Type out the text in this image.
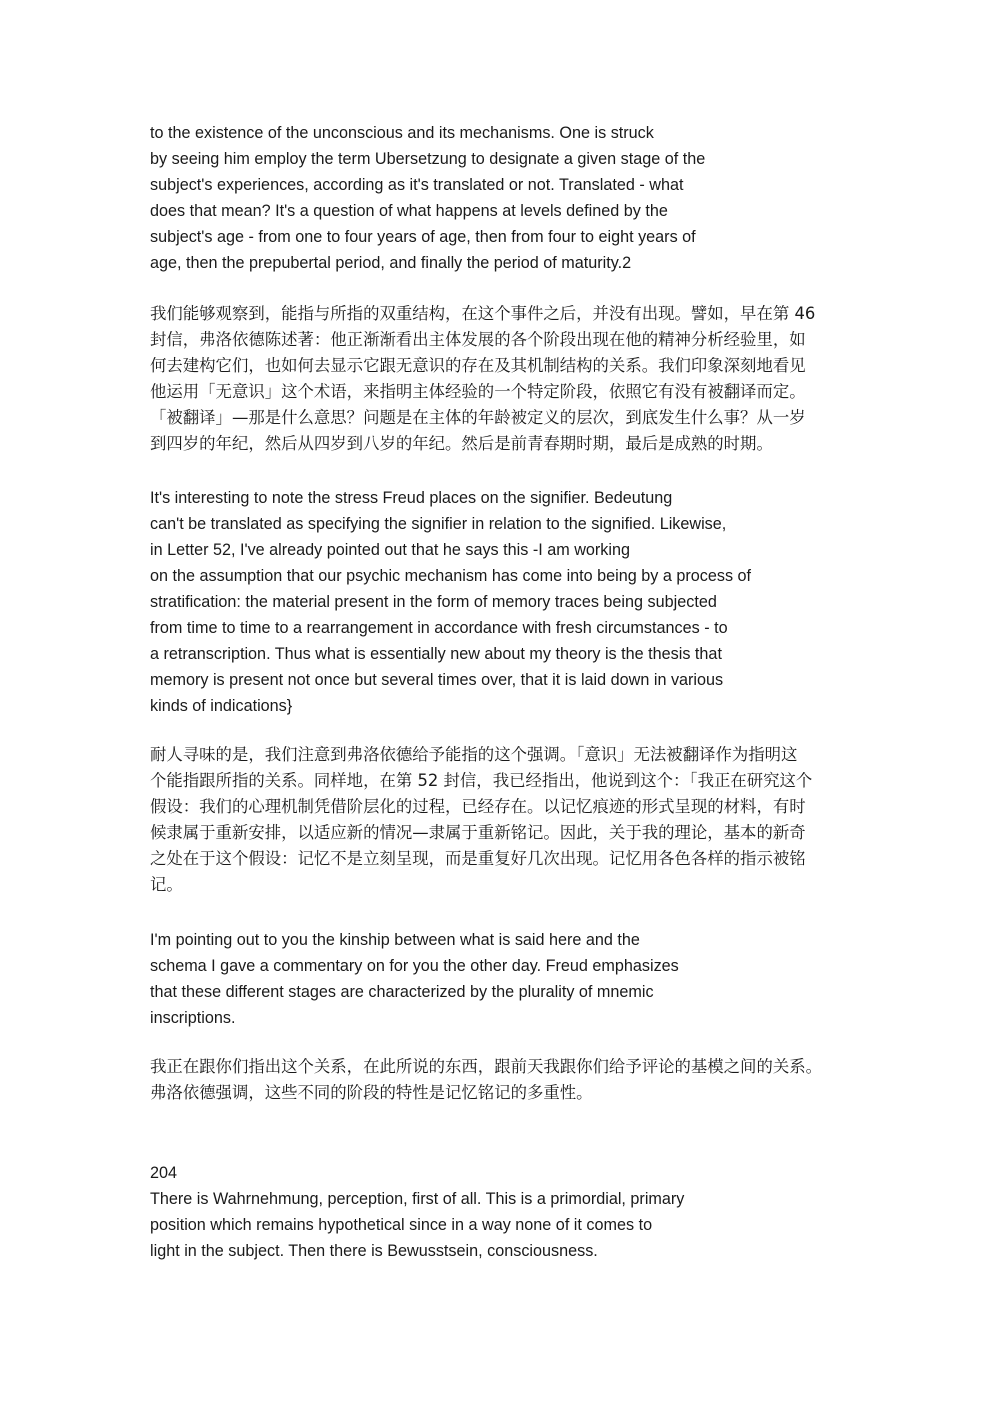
to the existence of the unconscious and its mechanisms. One is struck
by seeing him employ the term Ubersetzung to designate a given stage of the
subject's experiences, according as it's translated or not. Translated - what
does that mean? It's a question of what happens at levels defined by the
subject's age - from one to four years of age, then from four to eight years of
age, then the prepubertal period, and finally the period of maturity.2
我们能够观察到，能指与所指的双重结构，在这个事件之后，并没有出现。譬如，早在第 46
封信，弗洛依德陈述著：他正渐渐看出主体发展的各个阶段出现在他的精神分析经验里，如
何去建构它们，也如何去显示它跟无意识的存在及其机制结构的关系。我们印象深刻地看见
他运用「无意识」这个术语，来指明主体经验的一个特定阶段，依照它有没有被翻译而定。
「被翻译」—那是什么意思？问题是在主体的年龄被定义的层次，到底发生什么事？从一岁
到四岁的年纪，然后从四岁到八岁的年纪。然后是前青春期时期，最后是成熟的时期。
It's interesting to note the stress Freud places on the signifier. Bedeutung
can't be translated as specifying the signifier in relation to the signified. Likewise,
in Letter 52, I've already pointed out that he says this -I am working
on the assumption that our psychic mechanism has come into being by a process of
stratification: the material present in the form of memory traces being subjected
from time to time to a rearrangement in accordance with fresh circumstances - to
a retranscription. Thus what is essentially new about my theory is the thesis that
memory is present not once but several times over, that it is laid down in various
kinds of indications}
耐人寻味的是，我们注意到弗洛依德给予能指的这个强调。「意识」无法被翻译作为指明这
个能指跟所指的关系。同样地，在第 52 封信，我已经指出，他说到这个：「我正在研究这个
假设：我们的心理机制凭借阶层化的过程，已经存在。以记忆痕迹的形式呈现的材料，有时
候隶属于重新安排，以适应新的情况—隶属于重新铭记。因此，关于我的理论，基本的新奇
之处在于这个假设：记忆不是立刻呈现，而是重复好几次出现。记忆用各色各样的指示被铭
记。
I'm pointing out to you the kinship between what is said here and the
schema I gave a commentary on for you the other day. Freud emphasizes
that these different stages are characterized by the plurality of mnemic
inscriptions.
我正在跟你们指出这个关系，在此所说的东西，跟前天我跟你们给予评论的基模之间的关系。
弗洛依德强调，这些不同的阶段的特性是记忆铭记的多重性。
204
There is Wahrnehmung, perception, first of all. This is a primordial, primary
position which remains hypothetical since in a way none of it comes to
light in the subject. Then there is Bewusstsein, consciousness.
